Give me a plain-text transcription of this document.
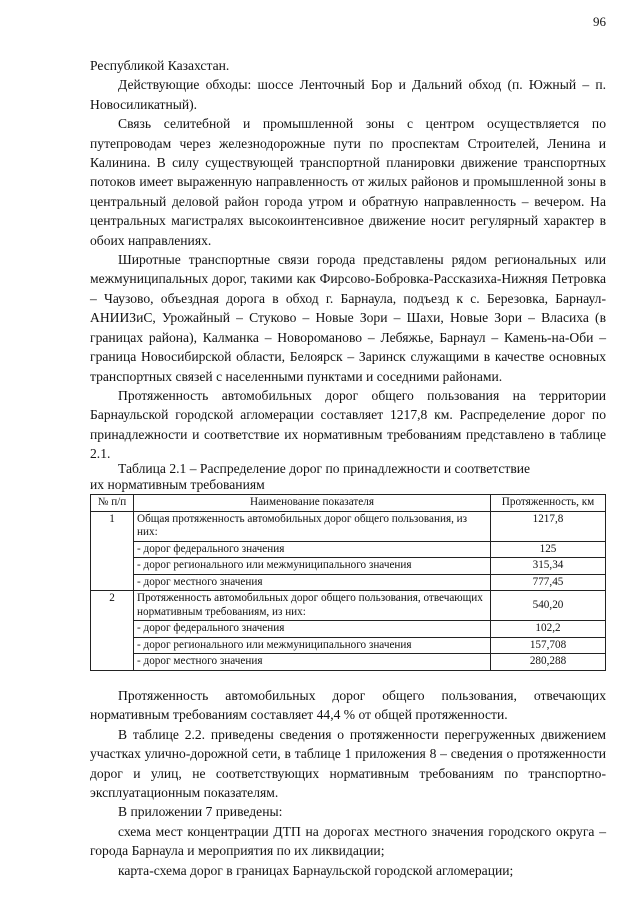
96

Республикой Казахстан.

Действующие обходы: шоссе Ленточный Бор и Дальний обход (п. Южный – п. Новосиликатный).

Связь селитебной и промышленной зоны с центром осуществляется по путепроводам через железнодорожные пути по проспектам Строителей, Ленина и Калинина. В силу существующей транспортной планировки движение транспортных потоков имеет выраженную направленность от жилых районов и промышленной зоны в центральный деловой район города утром и обратную направленность – вечером. На центральных магистралях высокоинтенсивное движение носит регулярный характер в обоих направлениях.

Широтные транспортные связи города представлены рядом региональных или межмуниципальных дорог, такими как Фирсово-Бобровка-Рассказиха-Нижняя Петровка – Чаузово, объездная дорога в обход г. Барнаула, подъезд к с. Березовка, Барнаул-АНИИЗиС, Урожайный – Стуково – Новые Зори – Шахи, Новые Зори – Власиха (в границах района), Калманка – Новороманово – Лебяжье, Барнаул – Камень-на-Оби – граница Новосибирской области, Белоярск – Заринск служащими в качестве основных транспортных связей с населенными пунктами и соседними районами.

Протяженность автомобильных дорог общего пользования на территории Барнаульской городской агломерации составляет 1217,8 км. Распределение дорог по принадлежности и соответствие их нормативным требованиям представлено в таблице 2.1.

Таблица 2.1 – Распределение дорог по принадлежности и соответствие
их нормативным требованиям
№ п/п	Наименование показателя	Протяженность, км
1	Общая протяженность автомобильных дорог общего пользования, из них:	1217,8
	- дорог федерального значения	125
	- дорог регионального или межмуниципального значения	315,34
	- дорог местного значения	777,45
2	Протяженность автомобильных дорог общего пользования, отвечающих нормативным требованиям, из них:	540,20
	- дорог федерального значения	102,2
	- дорог регионального или межмуниципального значения	157,708
	- дорог местного значения	280,288

Протяженность автомобильных дорог общего пользования, отвечающих нормативным требованиям составляет 44,4 % от общей протяженности.

В таблице 2.2. приведены сведения о протяженности перегруженных движением участках улично-дорожной сети, в таблице 1 приложения 8 – сведения о протяженности дорог и улиц, не соответствующих нормативным требованиям по транспортно-эксплуатационным показателям.

В приложении 7 приведены:

схема мест концентрации ДТП на дорогах местного значения городского округа – города Барнаула и мероприятия по их ликвидации;

карта-схема дорог в границах Барнаульской городской агломерации;
